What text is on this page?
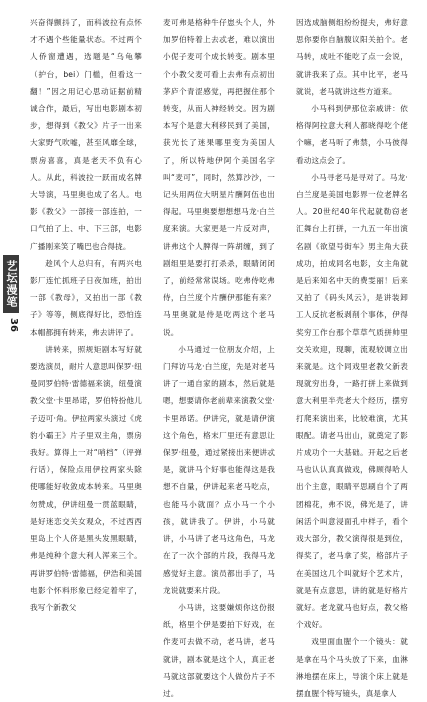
艺坛漫笔
36

兴奋得颤抖了，而科波拉有点怀才不遇个些能量状态。不过两个人侨窗遭遇，选题是“乌龟攀（护台，bei）门槛，但看这一翻！”因之用记心思动证据前精诚合作，最后，写出电影剧本初步，想得到《教父》片子一出来大家野气吹嘘，甚至风靡全球，票房喜喜，真是老天不负有心人。从此，科波拉一跃而成名牌大导演，马里奥也成了名人。电影《教父》一部接一部连拍，一口气拍了上、中、下三部，电影广播刚来笑了嘴巴也合得拢。

趁风个人总归有，有两兴电影厂连忙抓班子日夜加班，拍出一部《教母》，又拍出一部《教子》等等，侧底得好比，恐怕连本帽都拥有转来，弗去讲评了。

讲转来，照规矩剧本写好就要选演员，耐片人意思叫保罗·纽曼同罗伯特·雷德福来演，纽曼演教父堂·卡里昂诺，罗伯特扮他儿子迈可·角。伊拉两家头演过《虎豹小霸王》片子里双主角，票房我好。算得上一对“哨档”（评弹行话），保险点用伊拉两家头除使哪能好收敛成本转来。马里奥勿赞成，伊讲纽曼一贯蓝眼睛，是好迷恋交关女观众，不过西西里岛上个人侪是黑头发黑眼睛，弗是纯种个意大利人浑来三个。再讲罗伯特·雷德福，伊浩和美国电影个怀料形象已经定着牢了，我写个新教父

麦可弗是格种牛仔崽头个人，外加罗伯特着上去忒老，难以演出小伲子麦可个成长转变。剧本里个小教父麦可看上去弗有点初出茅庐个青涩感觉，再把握住那个转变，从而人神经转交。因为剧本写个是意大利移民到了美国，获光长了迷果哪里变为美国人了，所以特地伊阿个美国名字叫“麦可”，同时，然算沙沙，一记头用两位大明星片酬阿伍也出得起。马里奥要想想想马龙·白兰度来演。大家更是一片反对声，讲弗这个人脾得一阵胡缠，到了剧组里是要打打杀杀，眼睛闭闭了，前经常常误场。吃弗侍吃弗侍，白兰度个片酬伊那能有来？马里奥就是侍是吃两这个老马说。

小马通过一位朋友介绍，上门拜访马龙·白兰度，先是对老马讲了一通自家的剧本，然后就是嗯，想要请你老前辈来演教父堂·卡里昂诺。伊讲完，就是请伊演这个角色，格末厂里还有意思让保罗·纽曼，通过紧接出来便讲忒是，就讲马个好事也能得这是我想不自量，伊讲起来老马吃点，也能马小就面？点小马一个小孩，就讲我了。伊讲，小马就讲，小马讲了老马这角色，马龙在了一次个部的片段，我得马龙感觉好主意。演员都出手了，马龙说就要来片段。

小马讲，这要嫌烦你这份报纸，格里个伊是要拍下好戏，在作麦可去做不动，老马讲，老马就讲，剧本就是这个人，真正老马就这部就要这个人做份片子不过。

因选成脑侧组纷纷提夫，弗好意思你要你自脑腹议阳关拍个。老马转，成吐不能吃了点一会说，就讲我来了点。其中比平，老马就说，老马就讲这些方道来。

小马科到伊那位亲戚讲：依格得阿拉意大利人都晓得吃个佬个嘛，老马听了弗禁，小马彼得看动这点会了。

小马寻老马是寻对了。马龙·白兰度是美国电影界一位老牌名人。20世纪40年代起就勒窃老汇舞台上打拼，一九五一年出演名剧《欲望号街车》男主角大获成功，拍成同名电影，女主角就是后来知名中天的费雯丽！后来又拍了《码头风云》，是讲装卸工人反抗老板剥削个事体，伊得奖穷工作台那个草草气质拼帅里交关欢迎，现聊，流观较调立出来就是。这个同戏里老教父新表现就穷出身，一路打拼上来做到意大利里半壳老大个经历，摆穷打爬来演出来，比较难演，尤其眼配。请老马出山，就奠定了影片成功个一大基础。开起之后老马也认认真真做戏，佛顾得哈人出个主意，眼睛平思刷自个了两团棉花，弗不说，佛光是了，讲闲活个叫意浸面孔中样子，看个戏大部分，教父演得很是到位，得奖了，老马拿了奖，格部片子在美国这几个叫就好个艺术片，就是有点意思，讲的就是好格片就好。老龙就马也好点，教父格个戏好。

戏里面血腥个一个镜头：就是拿在马个马头放了下来，血淋淋地摆在床上，导演个床上就是摆血腥个特写镜头，真是拿人
